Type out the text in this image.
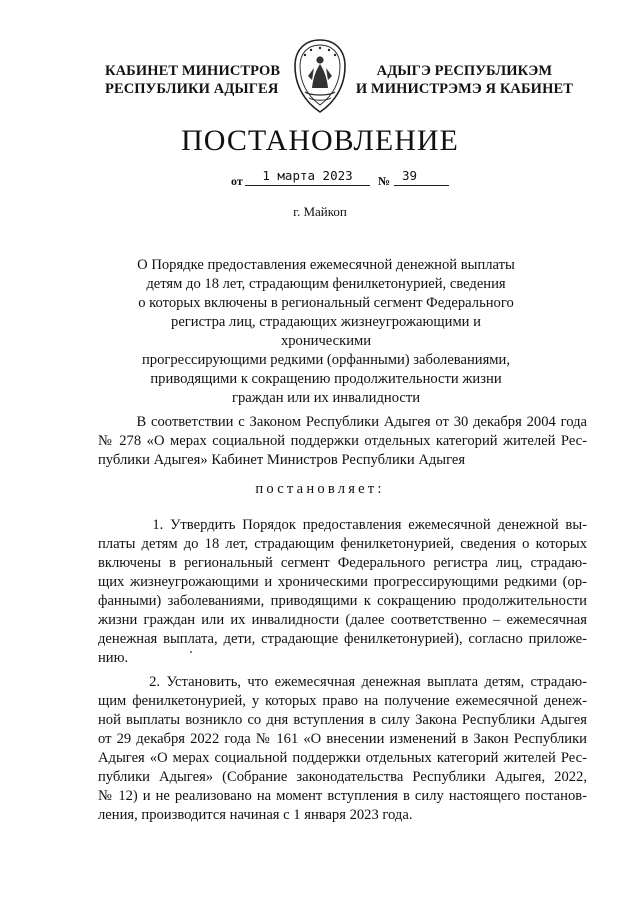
КАБИНЕТ МИНИСТРОВ
РЕСПУБЛИКИ АДЫГЕЯ
АДЫГЭ РЕСПУБЛИКЭМ
И МИНИСТРЭМЭ Я КАБИНЕТ
ПОСТАНОВЛЕНИЕ
от	1 марта 2023	№ 39
г. Майкоп
О Порядке предоставления ежемесячной денежной выплаты
детям до 18 лет, страдающим фенилкетонурией, сведения
о которых включены в региональный сегмент Федерального
регистра лиц, страдающих жизнеугрожающими и хроническими
прогрессирующими редкими (орфанными) заболеваниями,
приводящими к сокращению продолжительности жизни
граждан или их инвалидности
В соответствии с Законом Республики Адыгея от 30 декабря 2004 года
№ 278 «О мерах социальной поддержки отдельных категорий жителей Рес-
публики Адыгея» Кабинет Министров Республики Адыгея
постановляет:
1. Утвердить Порядок предоставления ежемесячной денежной вы-
платы детям до 18 лет, страдающим фенилкетонурией, сведения о которых
включены в региональный сегмент Федерального регистра лиц, страдаю-
щих жизнеугрожающими и хроническими прогрессирующими редкими (ор-
фанными) заболеваниями, приводящими к сокращению продолжительности
жизни граждан или их инвалидности (далее соответственно – ежемесячная
денежная выплата, дети, страдающие фенилкетонурией), согласно приложе-
нию.
2. Установить, что ежемесячная денежная выплата детям, страдаю-
щим фенилкетонурией, у которых право на получение ежемесячной денеж-
ной выплаты возникло со дня вступления в силу Закона Республики Адыгея
от 29 декабря 2022 года № 161 «О внесении изменений в Закон Республики
Адыгея «О мерах социальной поддержки отдельных категорий жителей Рес-
публики Адыгея» (Собрание законодательства Республики Адыгея, 2022,
№ 12) и не реализовано на момент вступления в силу настоящего постанов-
ления, производится начиная с 1 января 2023 года.
